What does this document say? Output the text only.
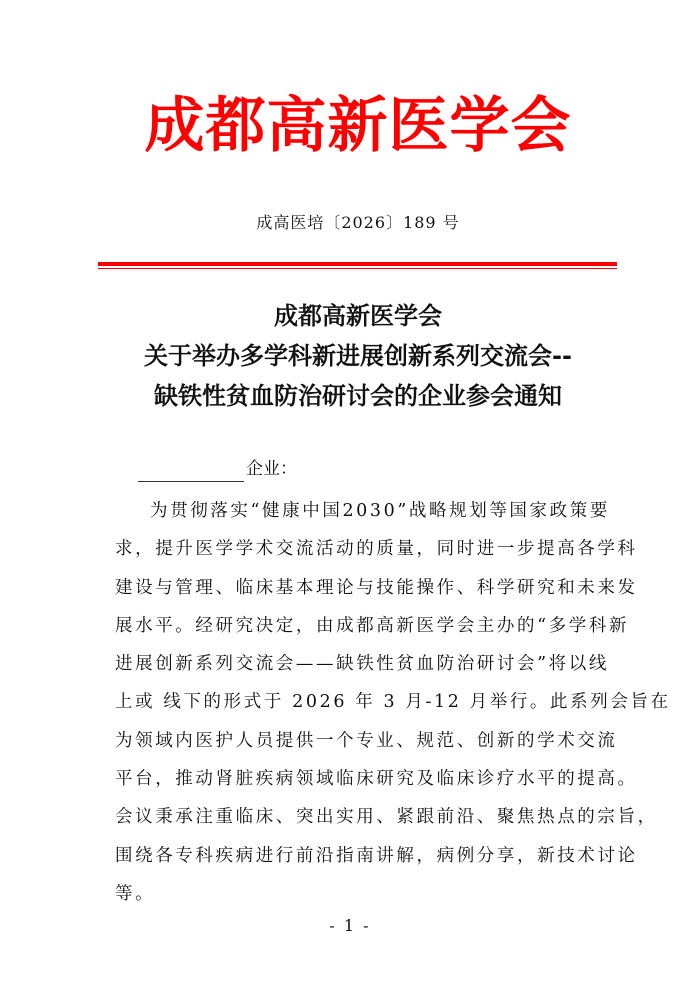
成都高新医学会
成高医培〔2026〕189 号
成都高新医学会
关于举办多学科新进展创新系列交流会--
缺铁性贫血防治研讨会的企业参会通知
企业：
为贯彻落实“健康中国2030”战略规划等国家政策要
求，提升医学学术交流活动的质量，同时进一步提高各学科
建设与管理、临床基本理论与技能操作、科学研究和未来发
展水平。经研究决定，由成都高新医学会主办的“多学科新
进展创新系列交流会——缺铁性贫血防治研讨会”将以线
上或 线下的形式于 2026 年 3 月-12 月举行。此系列会旨在
为领域内医护人员提供一个专业、规范、创新的学术交流
平台，推动肾脏疾病领域临床研究及临床诊疗水平的提高。
会议秉承注重临床、突出实用、紧跟前沿、聚焦热点的宗旨，
围绕各专科疾病进行前沿指南讲解，病例分享，新技术讨论
等。
- 1 -
